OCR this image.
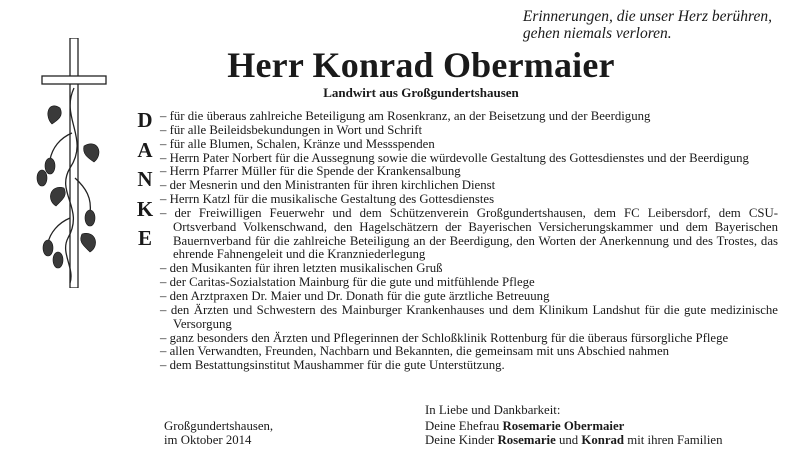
Erinnerungen, die unser Herz berühren,
gehen niemals verloren.
Herr Konrad Obermaier
Landwirt aus Großgundertshausen
D
A
N
K
E
– für die überaus zahlreiche Beteiligung am Rosenkranz, an der Beisetzung und der Beerdigung
– für alle Beileidsbekundungen in Wort und Schrift
– für alle Blumen, Schalen, Kränze und Messspenden
– Herrn Pater Norbert für die Aussegnung sowie die würdevolle Gestaltung des Gottesdienstes und der Beerdigung
– Herrn Pfarrer Müller für die Spende der Krankensalbung
– der Mesnerin und den Ministranten für ihren kirchlichen Dienst
– Herrn Katzl für die musikalische Gestaltung des Gottesdienstes
– der Freiwilligen Feuerwehr und dem Schützenverein Großgundertshausen, dem FC Leibersdorf, dem CSU-Ortsverband Volkenschwand, den Hagelschätzern der Bayerischen Versicherungskammer und dem Bayerischen Bauernverband für die zahlreiche Beteiligung an der Beerdigung, den Worten der Anerkennung und des Trostes, das ehrende Fahnengeleit und die Kranzniederlegung
– den Musikanten für ihren letzten musikalischen Gruß
– der Caritas-Sozialstation Mainburg für die gute und mitfühlende Pflege
– den Arztpraxen Dr. Maier und Dr. Donath für die gute ärztliche Betreuung
– den Ärzten und Schwestern des Mainburger Krankenhauses und dem Klinikum Landshut für die gute medizinische Versorgung
– ganz besonders den Ärzten und Pflegerinnen der Schloßklinik Rottenburg für die überaus fürsorgliche Pflege
– allen Verwandten, Freunden, Nachbarn und Bekannten, die gemeinsam mit uns Abschied nahmen
– dem Bestattungsinstitut Maushammer für die gute Unterstützung.
In Liebe und Dankbarkeit:
Großgundertshausen,
im Oktober 2014
Deine Ehefrau Rosemarie Obermaier
Deine Kinder Rosemarie und Konrad mit ihren Familien
